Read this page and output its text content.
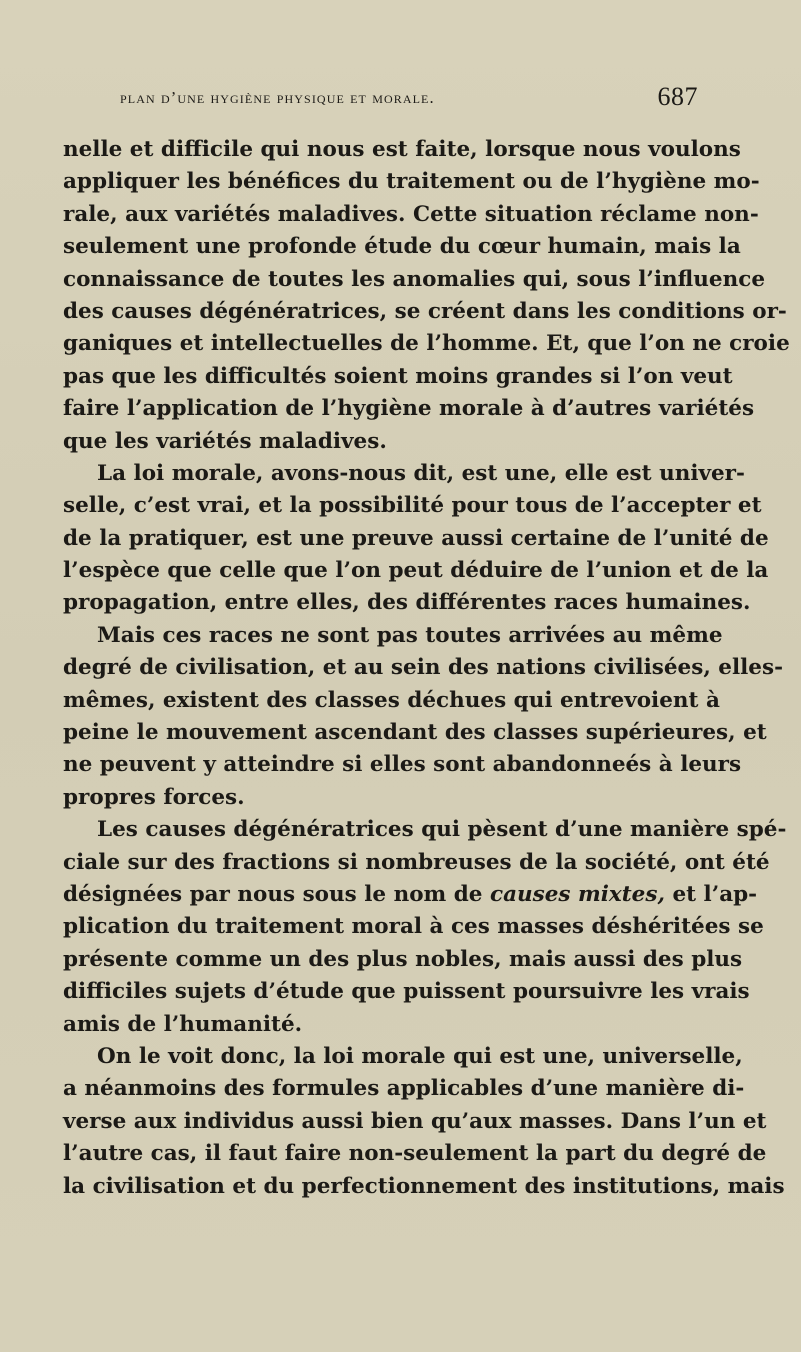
plan d’une hygiène physique et morale.	687
nelle et difficile qui nous est faite, lorsque nous voulons
appliquer les bénéfices du traitement ou de l’hygiène mo-
rale, aux variétés maladives. Cette situation réclame non-
seulement une profonde étude du cœur humain, mais la
connaissance de toutes les anomalies qui, sous l’influence
des causes dégénératrices, se créent dans les conditions or-
ganiques et intellectuelles de l’homme. Et, que l’on ne croie
pas que les difficultés soient moins grandes si l’on veut
faire l’application de l’hygiène morale à d’autres variétés
que les variétés maladives.
La loi morale, avons-nous dit, est une, elle est univer-
selle, c’est vrai, et la possibilité pour tous de l’accepter et
de la pratiquer, est une preuve aussi certaine de l’unité de
l’espèce que celle que l’on peut déduire de l’union et de la
propagation, entre elles, des différentes races humaines.
Mais ces races ne sont pas toutes arrivées au même
degré de civilisation, et au sein des nations civilisées, elles-
mêmes, existent des classes déchues qui entrevoient à
peine le mouvement ascendant des classes supérieures, et
ne peuvent y atteindre si elles sont abandonneés à leurs
propres forces.
Les causes dégénératrices qui pèsent d’une manière spé-
ciale sur des fractions si nombreuses de la société, ont été
désignées par nous sous le nom de causes mixtes, et l’ap-
plication du traitement moral à ces masses déshéritées se
présente comme un des plus nobles, mais aussi des plus
difficiles sujets d’étude que puissent poursuivre les vrais
amis de l’humanité.
On le voit donc, la loi morale qui est une, universelle,
a néanmoins des formules applicables d’une manière di-
verse aux individus aussi bien qu’aux masses. Dans l’un et
l’autre cas, il faut faire non-seulement la part du degré de
la civilisation et du perfectionnement des institutions, mais
